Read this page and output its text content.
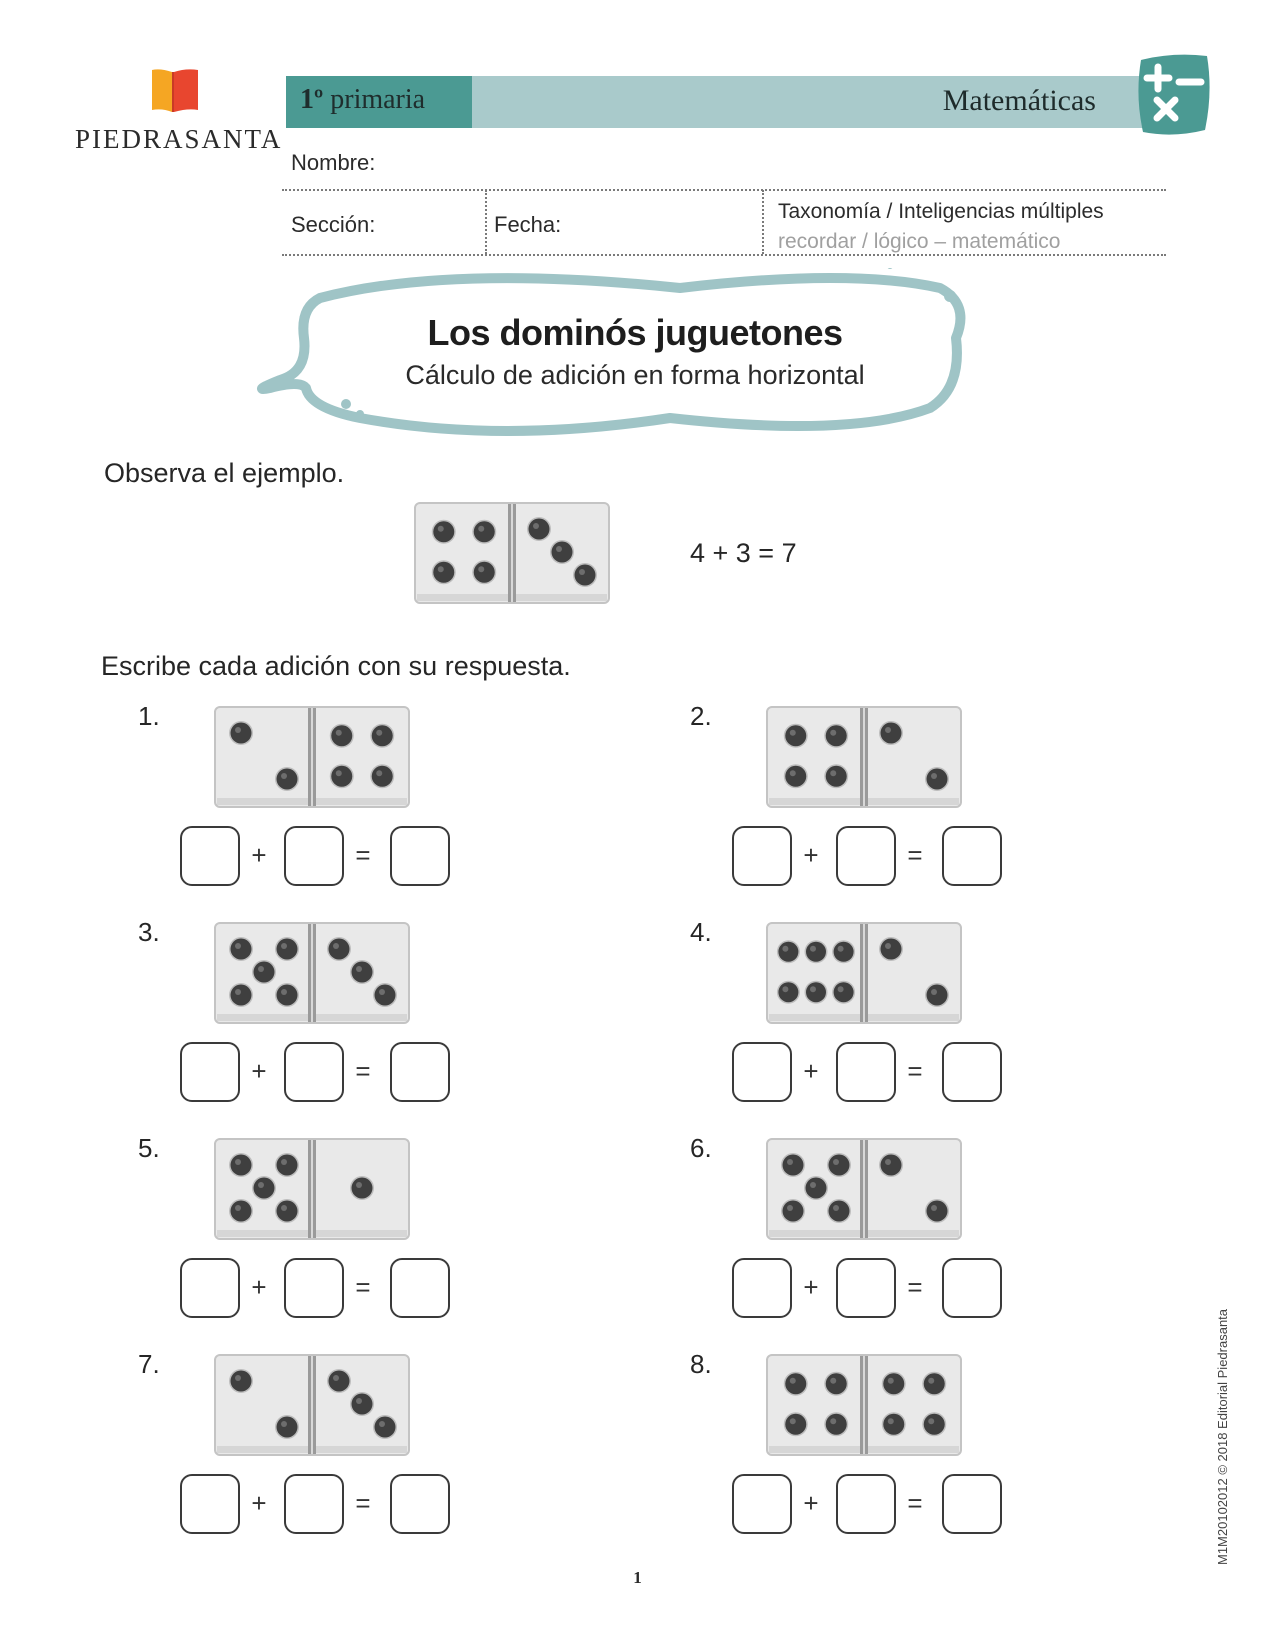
PIEDRASANTA
1º primaria	Matemáticas
Nombre:
Sección:	Fecha:
Taxonomía / Inteligencias múltiples
recordar / lógico – matemático
Los dominós juguetones
Cálculo de adición en forma horizontal
Observa el ejemplo.
4 + 3 = 7
Escribe cada adición con su respuesta.
1.
+	=
2.
+	=
3.
+	=
4.
+	=
5.
+	=
6.
+	=
7.
+	=
8.
+	=
1
M1M20102012 © 2018 Editorial Piedrasanta
